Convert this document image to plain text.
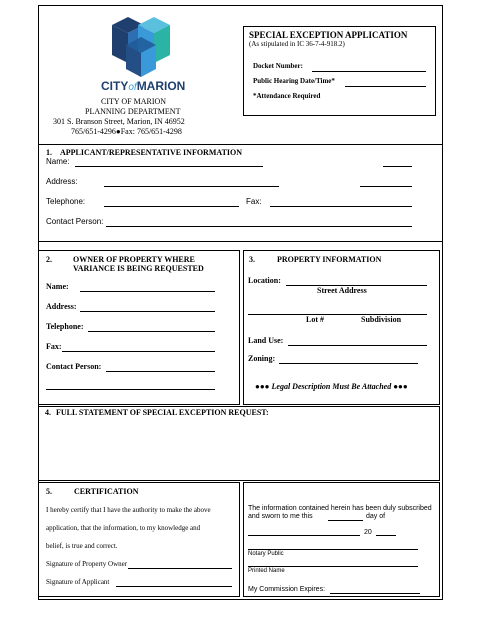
CITYofMARION
CITY OF MARION
PLANNING DEPARTMENT
301 S. Branson Street, Marion, IN 46952
765/651-4296●Fax: 765/651-4298
SPECIAL EXCEPTION APPLICATION
(As stipulated in IC 36-7-4-918.2)
Docket Number:
Public Hearing Date/Time*
*Attendance Required
1. APPLICANT/REPRESENTATIVE INFORMATION
Name:
Address:
Telephone:	Fax:
Contact Person:
2.	OWNER OF PROPERTY WHERE
VARIANCE IS BEING REQUESTED
Name:
Address:
Telephone:
Fax:
Contact Person:
3.	PROPERTY INFORMATION
Location:
Street Address
Lot #	Subdivision
Land Use:
Zoning:
●●● Legal Description Must Be Attached ●●●
4. FULL STATEMENT OF SPECIAL EXCEPTION REQUEST:
5.	CERTIFICATION
I hereby certify that I have the authority to make the above
application, that the information, to my knowledge and
belief, is true and correct.
Signature of Property Owner
Signature of Applicant
The information contained herein has been duly subscribed
and sworn to me this	day of
20
Notary Public
Printed Name
My Commission Expires:
